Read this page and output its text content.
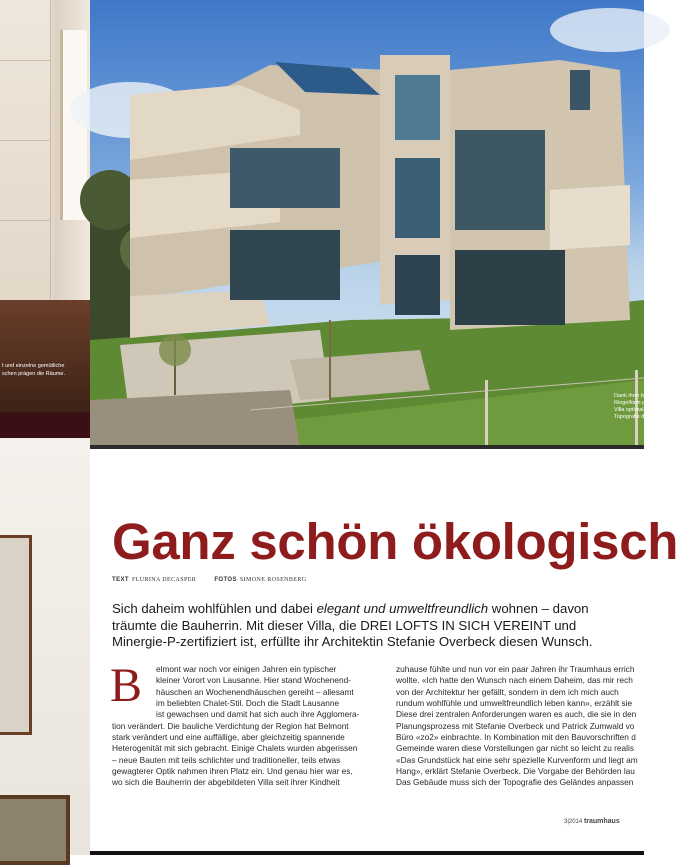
t und einzelne gemütliche
schen prägen die Räume.
Dank ihrer bes
Ringelform passt
Villa optimal
Topografie des Ha
Ganz schön ökologisch
TEXT FLURINA DECASPER	FOTOS SIMONE ROSENBERG
Sich daheim wohlfühlen und dabei elegant und umweltfreundlich wohnen – davon
träumte die Bauherrin. Mit dieser Villa, die DREI LOFTS IN SICH VEREINT und
Minergie-P-zertifiziert ist, erfüllte ihr Architektin Stefanie Overbeck diesen Wunsch.
B	elmont war noch vor einigen Jahren ein typischer
kleiner Vorort von Lausanne. Hier stand Wochenend-
häuschen an Wochenendhäuschen gereiht – allesamt
im beliebten Chalet-Stil. Doch die Stadt Lausanne
ist gewachsen und damit hat sich auch ihre Agglomera-
tion verändert. Die bauliche Verdichtung der Region hat Belmont
stark verändert und eine auffällige, aber gleichzeitig spannende
Heterogenität mit sich gebracht. Einige Chalets wurden abgerissen
– neue Bauten mit teils schlichter und traditioneller, teils etwas
gewagterer Optik nahmen ihren Platz ein. Und genau hier war es,
wo sich die Bauherrin der abgebildeten Villa seit ihrer Kindheit
zuhause fühlte und nun vor ein paar Jahren ihr Traumhaus errich
wollte. «Ich hatte den Wunsch nach einem Daheim, das mir rech
von der Architektur her gefällt, sondern in dem ich mich auch
rundum wohlfühle und umweltfreundlich leben kann», erzählt sie
Diese drei zentralen Anforderungen waren es auch, die sie in den
Planungsprozess mit Stefanie Overbeck und Patrick Zumwald vo
Büro «zo2» einbrachte. In Kombination mit den Bauvorschriften d
Gemeinde waren diese Vorstellungen gar nicht so leicht zu realis
«Das Grundstück hat eine sehr spezielle Kurvenform und liegt am
Hang», erklärt Stefanie Overbeck. Die Vorgabe der Behörden lau
Das Gebäude muss sich der Topografie des Geländes anpassen
3|2014 traumhaus
